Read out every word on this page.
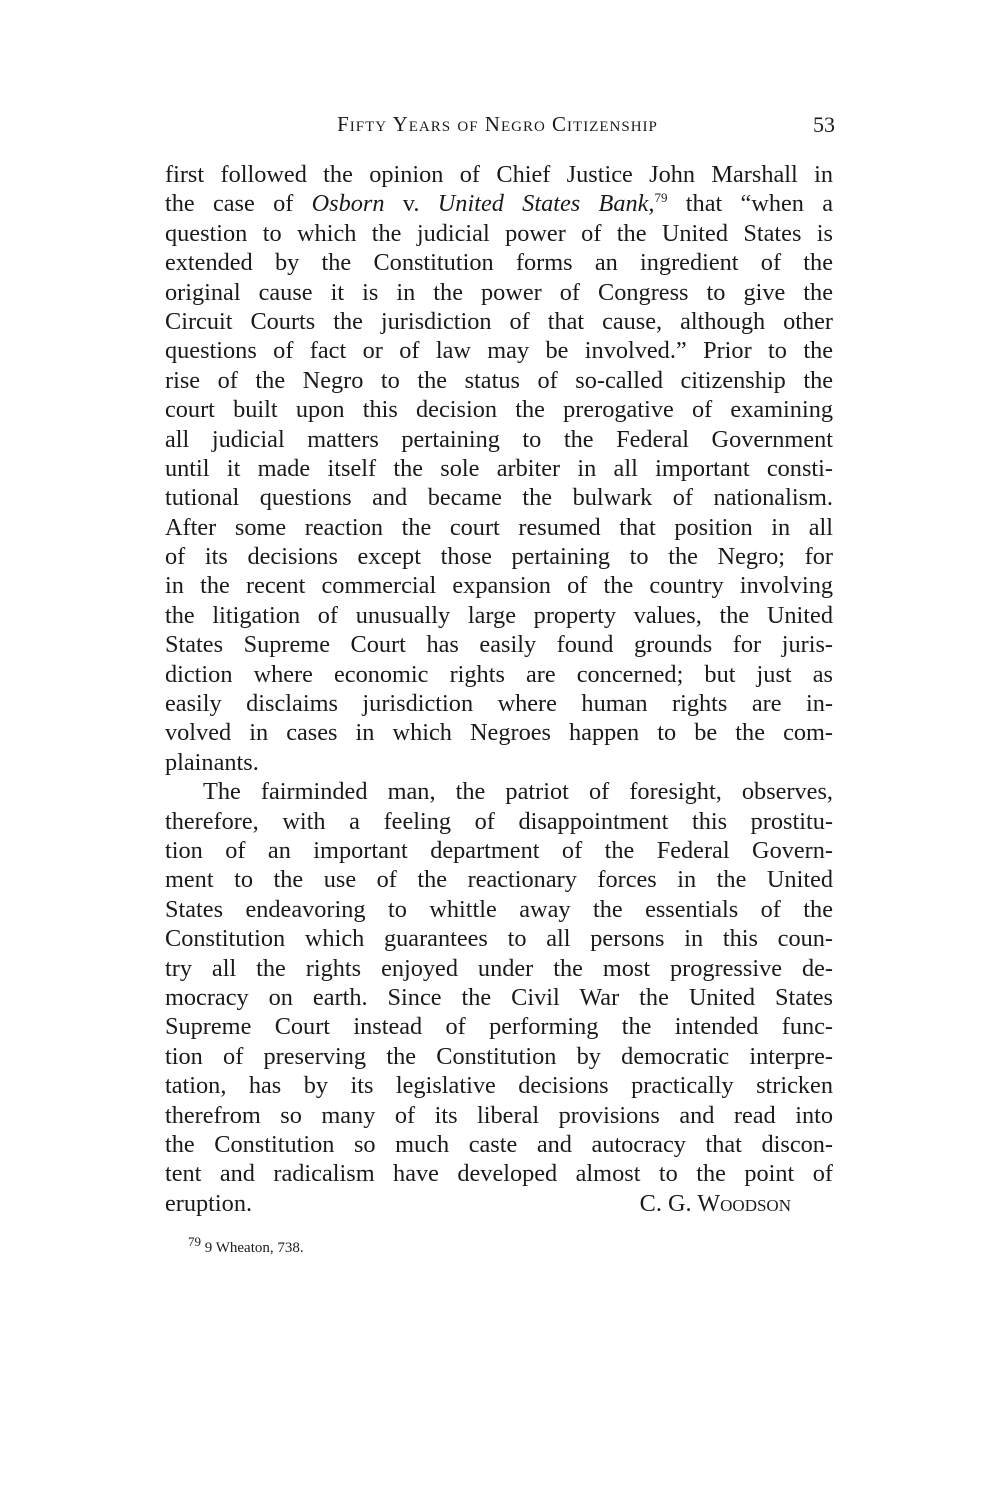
Fifty Years of Negro Citizenship	53
first followed the opinion of Chief Justice John Marshall in
the case of Osborn v. United States Bank,$^{79}$ that “when a
question to which the judicial power of the United States is
extended by the Constitution forms an ingredient of the
original cause it is in the power of Congress to give the
Circuit Courts the jurisdiction of that cause, although other
questions of fact or of law may be involved.” Prior to the
rise of the Negro to the status of so-called citizenship the
court built upon this decision the prerogative of examining
all judicial matters pertaining to the Federal Government
until it made itself the sole arbiter in all important consti-
tutional questions and became the bulwark of nationalism.
After some reaction the court resumed that position in all
of its decisions except those pertaining to the Negro; for
in the recent commercial expansion of the country involving
the litigation of unusually large property values, the United
States Supreme Court has easily found grounds for juris-
diction where economic rights are concerned; but just as
easily disclaims jurisdiction where human rights are in-
volved in cases in which Negroes happen to be the com-
plainants.
The fairminded man, the patriot of foresight, observes,
therefore, with a feeling of disappointment this prostitu-
tion of an important department of the Federal Govern-
ment to the use of the reactionary forces in the United
States endeavoring to whittle away the essentials of the
Constitution which guarantees to all persons in this coun-
try all the rights enjoyed under the most progressive de-
mocracy on earth. Since the Civil War the United States
Supreme Court instead of performing the intended func-
tion of preserving the Constitution by democratic interpre-
tation, has by its legislative decisions practically stricken
therefrom so many of its liberal provisions and read into
the Constitution so much caste and autocracy that discon-
tent and radicalism have developed almost to the point of
eruption.	C. G. Woodson
$^{79}$ 9 Wheaton, 738.
